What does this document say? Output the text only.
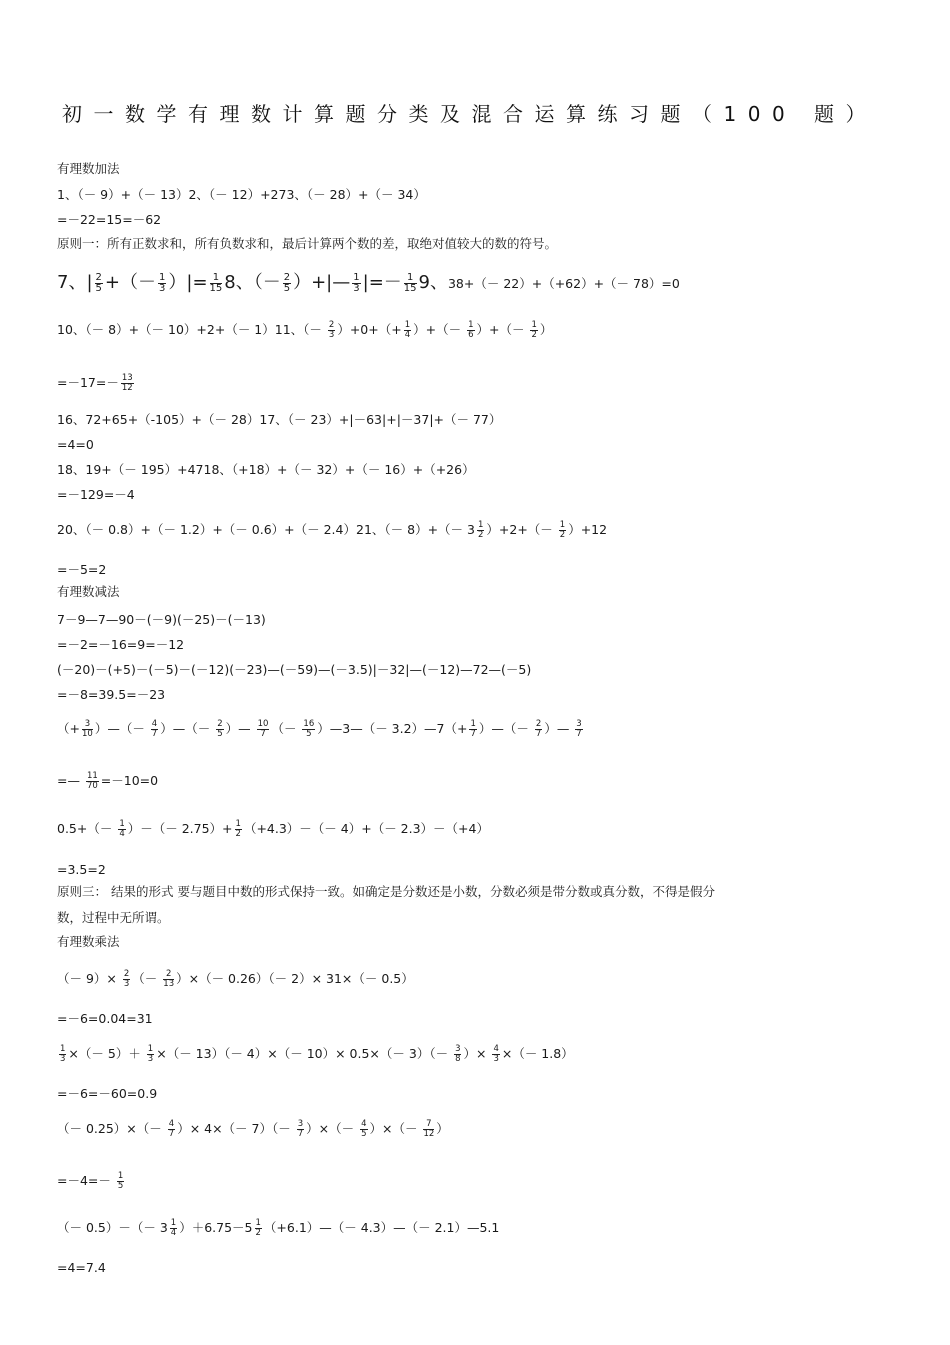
初一数学有理数计算题分类及混合运算练习题（100 题）
有理数加法
1、（－ 9）+（－ 13）2、（－ 12）+273、（－ 28）+（－ 34）
=－22=15=－62
原则一：所有正数求和，所有负数求和，最后计算两个数的差，取绝对值较大的数的符号。
7、| $\frac{2}{5}$ +（－ $\frac{1}{3}$ ）|= $\frac{1}{15} 8$、（－ $\frac{2}{5}$ ）+|— $\frac{1}{3}$ |=－ $\frac{1}{15} 9$、38+（－ 22）+（+62）+（－ 78）=0
10、（－ 8）+（－ 10）+2+（－ 1）11、（－ $\frac{2}{3} )+0+(+ \frac{1}{4}$ ）+（－ $\frac{1}{6}$ ）+（－ $\frac{1}{2}$ ）
$=-17=- \frac{13}{12}$
16、72+65+（-105）+（－ 28）17、（－ 23）+|－63|+|－37|+（－ 77）
=4=0
18、19+（－ 195）+4718、（+18）+（－ 32）+（－ 16）+（+26）
=－129=－4
20、（－ 0.8）+（－ 1.2）+（－ 0.6）+（－ 2.4）21、（－ $8)+(- 3 \frac{1}{2} )+2+(- \frac{1}{2} )+12$
=－5=2
有理数减法
7－9—7—90－(－9)(－25)－(－13)
=－2=－16=9=－12
(－20)－(+5)－(－5)－(－12)(－23)—(－59)—(－3.5)|－32|—(－12)—72—(－5)
=－8=39.5=－23
（+ $\frac{3}{10}$ ）—（－ $\frac{4}{7}$ ）—（－ $\frac{2}{5}$ ）— $\frac{10}{7}$ （－ $\frac{16}{5}$ ）—3—（－ 3.2）—7（+ $\frac{1}{7}$ ）—（－ $\frac{2}{7}$ ）— $\frac{3}{7}$
=— $\frac{11}{70} =-10=0$
$0.5+(- \frac{1}{4}$ ）－（－ $2.75)+ \frac{1}{2} (+4.3)-(- 4)+(- 2.3)-(+4)$
=3.5=2
原则三： 结果的形式 要与题目中数的形式保持一致。如确定是分数还是小数，分数必须是带分数或真分数，不得是假分
数，过程中无所谓。
有理数乘法
（－ $9)\times \frac{2}{3}$ （－ $\frac{2}{13}$ ）×（－ 0.26）（－ 2）× 31×（－ 0.5）
=－6=0.04=31
$\frac{1}{3}$ ×（－ $5)+ \frac{1}{3}$ ×（－ $13)(- 4)\times(- 10)\times 0.5\times(- 3)(- \frac{3}{8}$ ）× $\frac{4}{3}$ ×（－ 1.8）
=－6=－60=0.9
（－ $0.25)\times(- \frac{4}{7}$ ）× $4\times(- 7)(- \frac{3}{7}$ ）×（－ $\frac{4}{5}$ ）×（－ $\frac{7}{12}$ ）
$=-4=- \frac{1}{5}$
（－ $0.5)-(- 3 \frac{1}{4} )+6.75-5 \frac{1}{2}$ （+6.1）—（－ 4.3）—（－ 2.1）—5.1
=4=7.4
